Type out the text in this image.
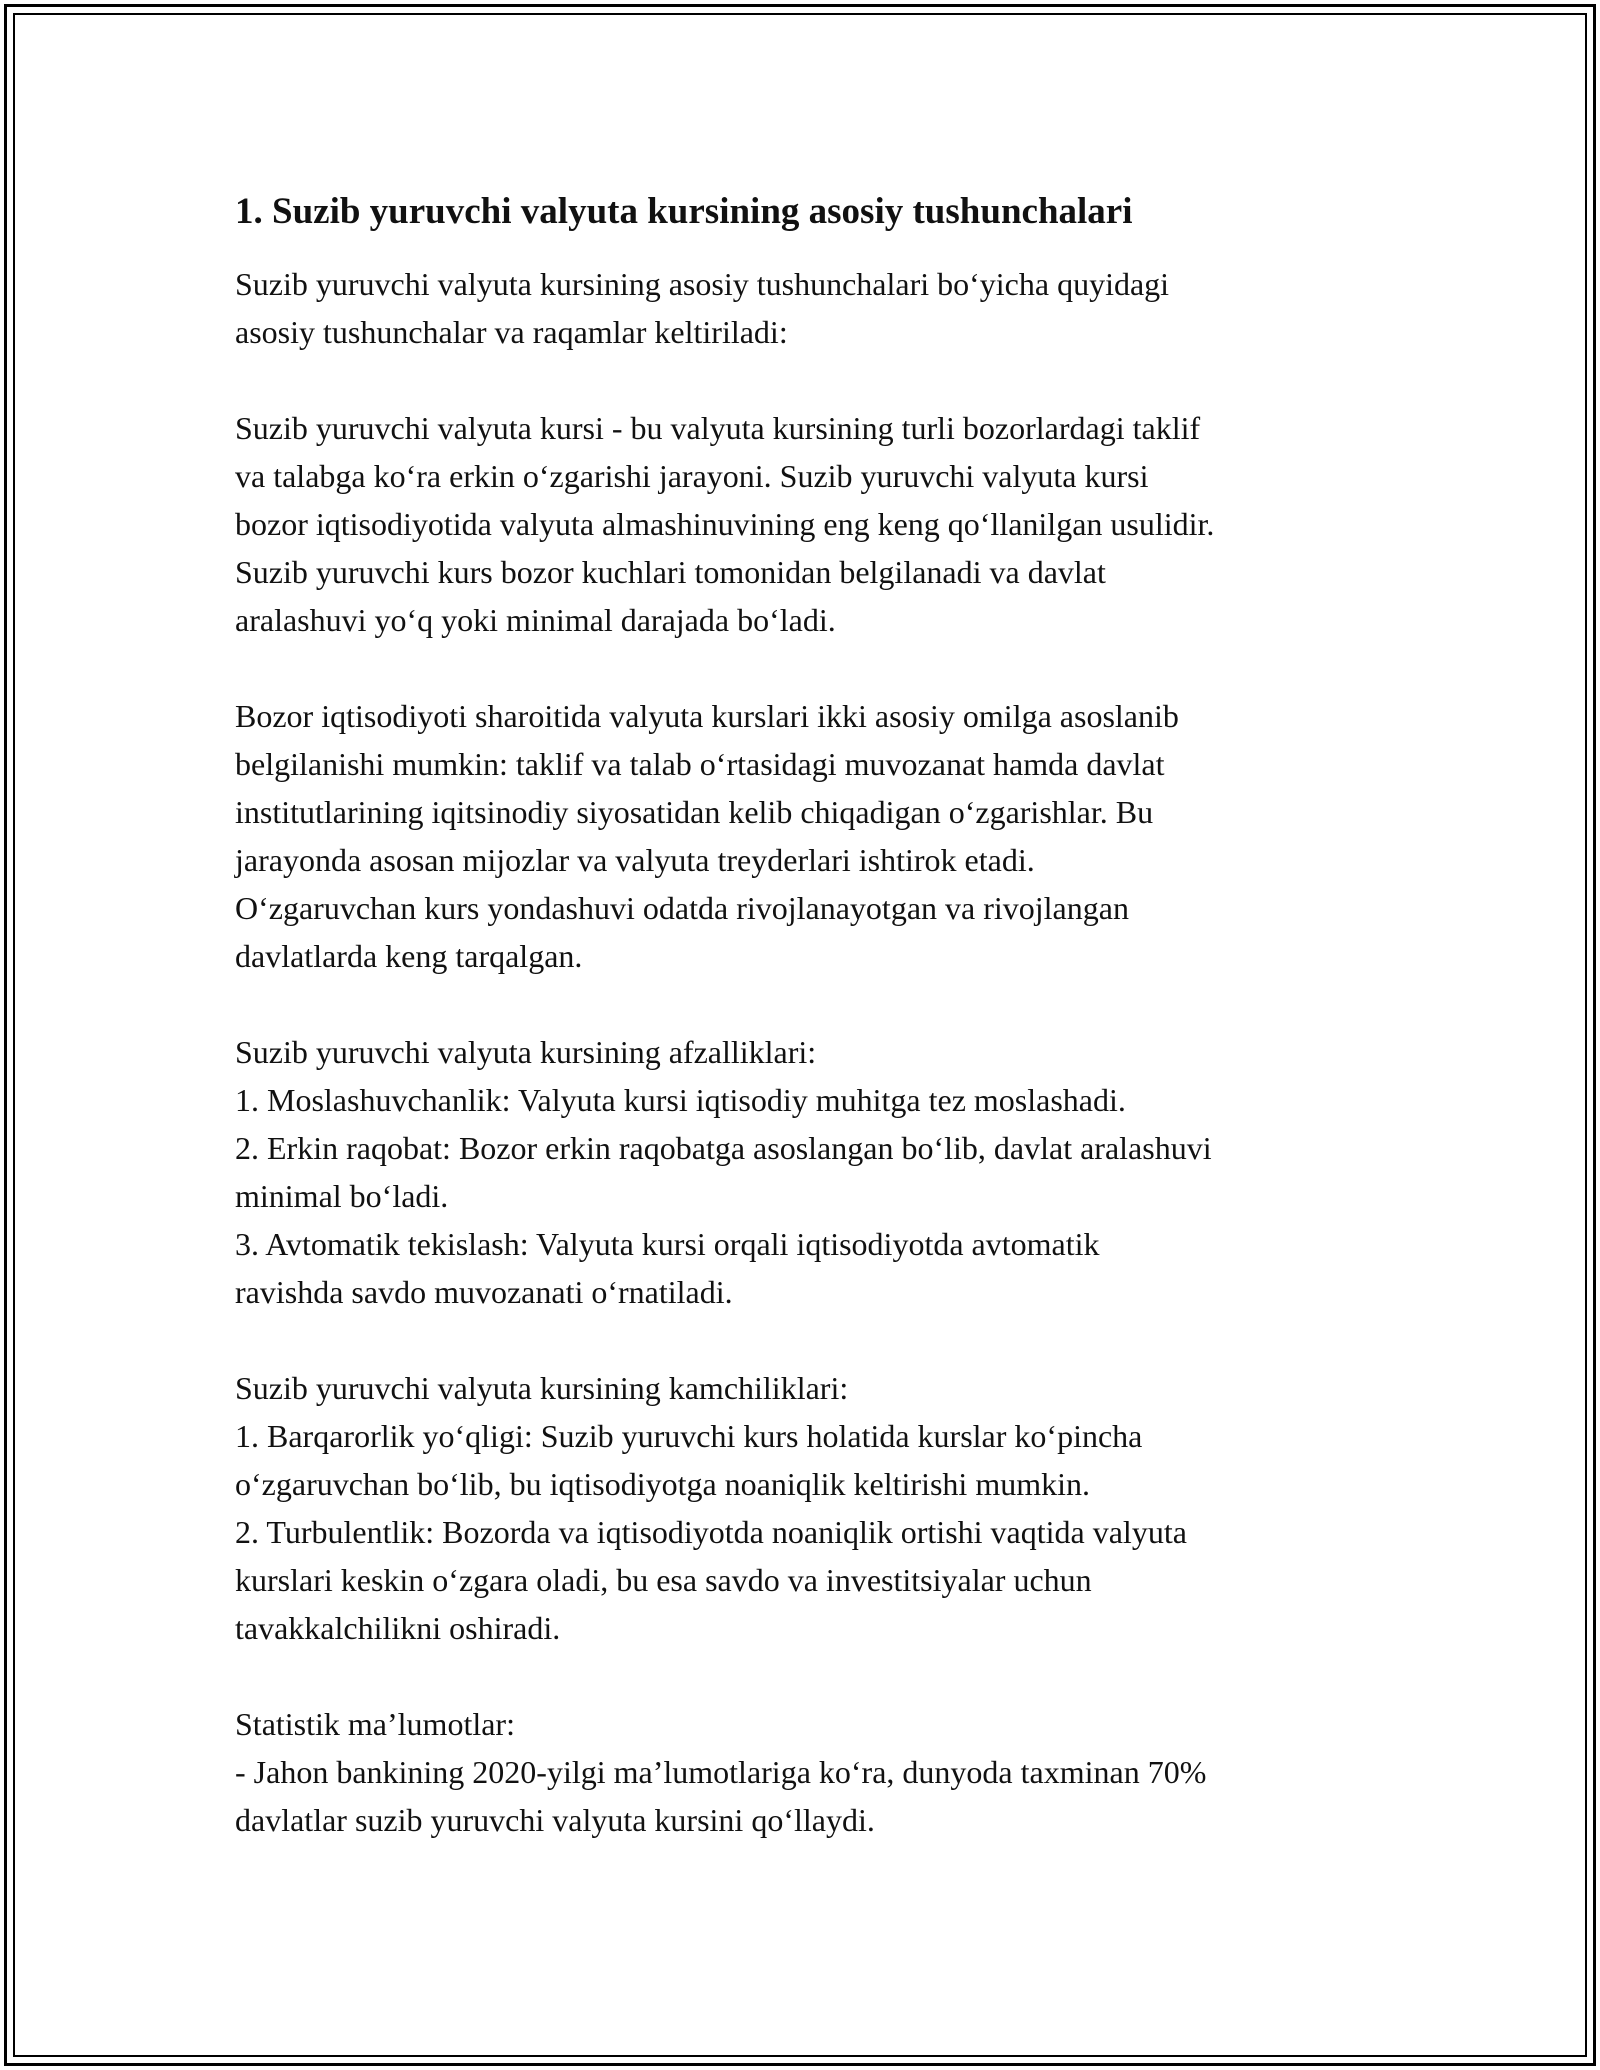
1. Suzib yuruvchi valyuta kursining asosiy tushunchalari

Suzib yuruvchi valyuta kursining asosiy tushunchalari bo‘yicha quyidagi
asosiy tushunchalar va raqamlar keltiriladi:

Suzib yuruvchi valyuta kursi - bu valyuta kursining turli bozorlardagi taklif
va talabga ko‘ra erkin o‘zgarishi jarayoni. Suzib yuruvchi valyuta kursi
bozor iqtisodiyotida valyuta almashinuvining eng keng qo‘llanilgan usulidir.
Suzib yuruvchi kurs bozor kuchlari tomonidan belgilanadi va davlat
aralashuvi yo‘q yoki minimal darajada bo‘ladi.

Bozor iqtisodiyoti sharoitida valyuta kurslari ikki asosiy omilga asoslanib
belgilanishi mumkin: taklif va talab o‘rtasidagi muvozanat hamda davlat
institutlarining iqitsinodiy siyosatidan kelib chiqadigan o‘zgarishlar. Bu
jarayonda asosan mijozlar va valyuta treyderlari ishtirok etadi.
O‘zgaruvchan kurs yondashuvi odatda rivojlanayotgan va rivojlangan
davlatlarda keng tarqalgan.

Suzib yuruvchi valyuta kursining afzalliklari:
1. Moslashuvchanlik: Valyuta kursi iqtisodiy muhitga tez moslashadi.
2. Erkin raqobat: Bozor erkin raqobatga asoslangan bo‘lib, davlat aralashuvi
minimal bo‘ladi.
3. Avtomatik tekislash: Valyuta kursi orqali iqtisodiyotda avtomatik
ravishda savdo muvozanati o‘rnatiladi.

Suzib yuruvchi valyuta kursining kamchiliklari:
1. Barqarorlik yo‘qligi: Suzib yuruvchi kurs holatida kurslar ko‘pincha
o‘zgaruvchan bo‘lib, bu iqtisodiyotga noaniqlik keltirishi mumkin.
2. Turbulentlik: Bozorda va iqtisodiyotda noaniqlik ortishi vaqtida valyuta
kurslari keskin o‘zgara oladi, bu esa savdo va investitsiyalar uchun
tavakkalchilikni oshiradi.

Statistik ma’lumotlar:
- Jahon bankining 2020-yilgi ma’lumotlariga ko‘ra, dunyoda taxminan 70%
davlatlar suzib yuruvchi valyuta kursini qo‘llaydi.
